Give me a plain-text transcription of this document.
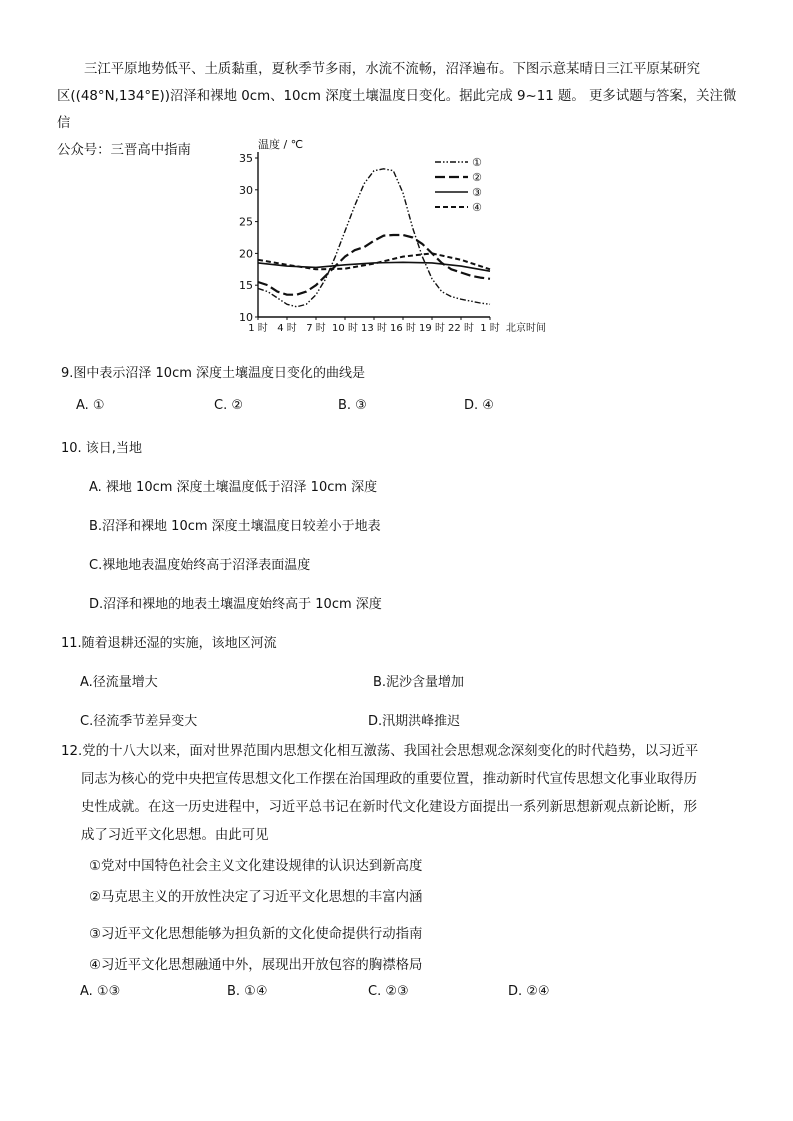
三江平原地势低平、土质黏重，夏秋季节多雨，水流不流畅，沼泽遍布。下图示意某晴日三江平原某研究

区((48°N,134°E))沼泽和裸地 0cm、10cm 深度土壤温度日变化。据此完成 9~11 题。 更多试题与答案，关注微信

公众号：三晋高中指南

35
30
25
20
15
10
1 时 4 时 7 时 10 时 13 时 16 时 19 时 22 时 1 时
①
②
③
④
温度 / ℃
北京时间
9.图中表示沼泽 10cm 深度土壤温度日变化的曲线是
A. ①	C. ②	B. ③	D. ④
10. 该日,当地
A. 裸地 10cm 深度土壤温度低于沼泽 10cm 深度
B.沼泽和裸地 10cm 深度土壤温度日较差小于地表
C.裸地地表温度始终高于沼泽表面温度
D.沼泽和裸地的地表土壤温度始终高于 10cm 深度
11.随着退耕还湿的实施，该地区河流
A.径流量增大	B.泥沙含量增加
C.径流季节差异变大	D.汛期洪峰推迟

12.党的十八大以来，面对世界范围内思想文化相互激荡、我国社会思想观念深刻变化的时代趋势，以习近平

同志为核心的党中央把宣传思想文化工作摆在治国理政的重要位置，推动新时代宣传思想文化事业取得历

史性成就。在这一历史进程中，习近平总书记在新时代文化建设方面提出一系列新思想新观点新论断，形

成了习近平文化思想。由此可见

①党对中国特色社会主义文化建设规律的认识达到新高度
②马克思主义的开放性决定了习近平文化思想的丰富内涵
③习近平文化思想能够为担负新的文化使命提供行动指南
④习近平文化思想融通中外，展现出开放包容的胸襟格局
A. ①③	B. ①④	C. ②③	D. ②④
